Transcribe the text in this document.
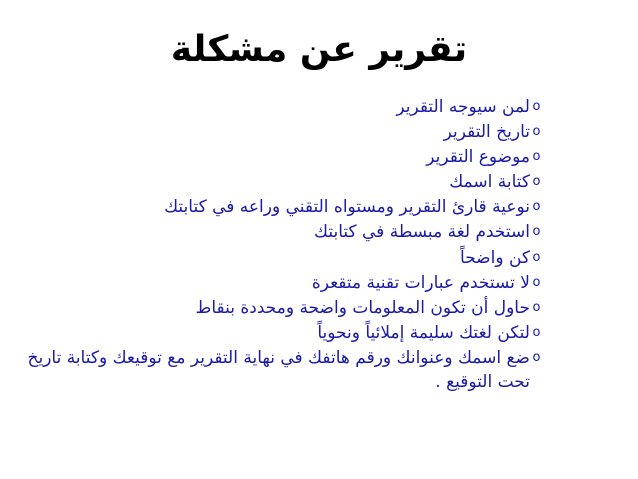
تقرير عن مشكلة
o
لمن سيوجه التقرير
o
تاريخ التقرير
o
موضوع التقرير
o
كتابة اسمك
o
نوعية قارئ التقرير ومستواه التقني وراعه في كتابتك
o
استخدم لغة مبسطة في كتابتك
o
كن واضحاً
o
لا تستخدم عبارات تقنية متقعرة
o
حاول أن تكون المعلومات واضحة ومحددة بنقاط
o
لتكن لغتك سليمة إملائياً ونحوياً
o
ضع اسمك وعنوانك ورقم هاتفك في نهاية التقرير مع توقيعك وكتابة تاريخ تحت التوقيع .
